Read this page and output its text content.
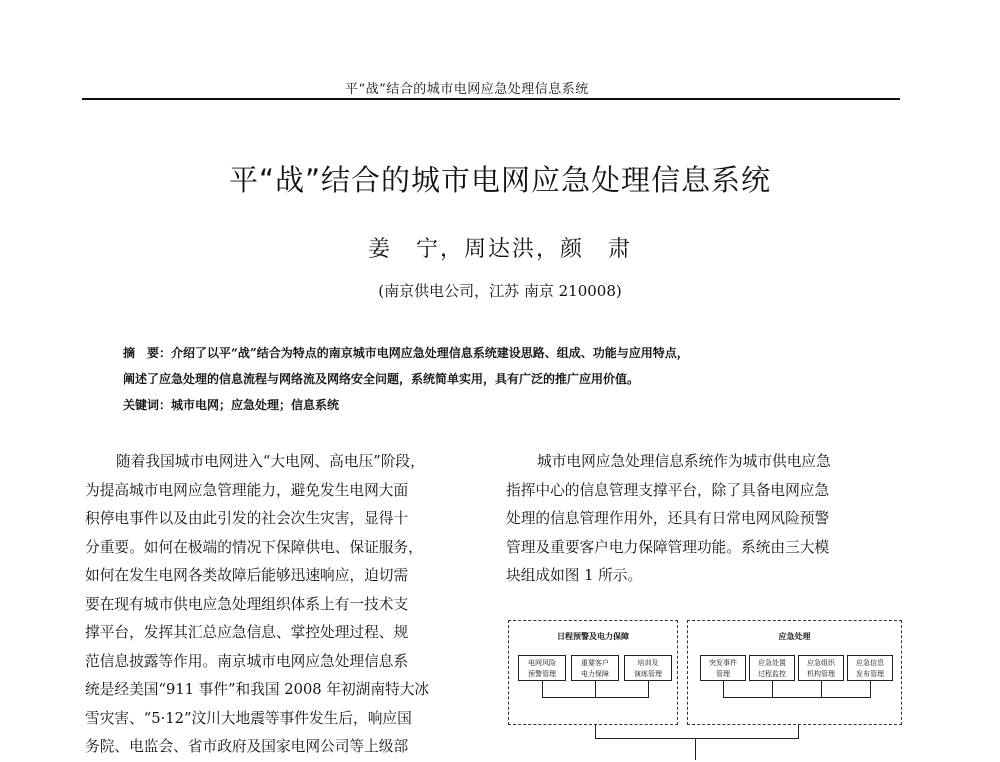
平“战”结合的城市电网应急处理信息系统
平“战”结合的城市电网应急处理信息系统
姜　宁，周达洪，颜　肃
(南京供电公司，江苏 南京 210008)
摘　要：介绍了以平“战”结合为特点的南京城市电网应急处理信息系统建设思路、组成、功能与应用特点，
阐述了应急处理的信息流程与网络流及网络安全问题，系统简单实用，具有广泛的推广应用价值。
关键词：城市电网；应急处理；信息系统
随着我国城市电网进入“大电网、高电压”阶段，
为提高城市电网应急管理能力，避免发生电网大面
积停电事件以及由此引发的社会次生灾害，显得十
分重要。如何在极端的情况下保障供电、保证服务，
如何在发生电网各类故障后能够迅速响应，迫切需
要在现有城市供电应急处理组织体系上有一技术支
撑平台，发挥其汇总应急信息、掌控处理过程、规
范信息披露等作用。南京城市电网应急处理信息系
统是经美国“911 事件”和我国 2008 年初湖南特大冰
雪灾害、“5·12”汶川大地震等事件发生后，响应国
务院、电监会、省市政府及国家电网公司等上级部
城市电网应急处理信息系统作为城市供电应急
指挥中心的信息管理支撑平台，除了具备电网应急
处理的信息管理作用外，还具有日常电网风险预警
管理及重要客户电力保障管理功能。系统由三大模
块组成如图 1 所示。
日程预警及电力保障
电网风险
预警管理
重要客户
电力保障
培训及
演练管理
应急处理
突发事件
管理
应急处置
过程监控
应急组织
机构管理
应急信息
发布管理
